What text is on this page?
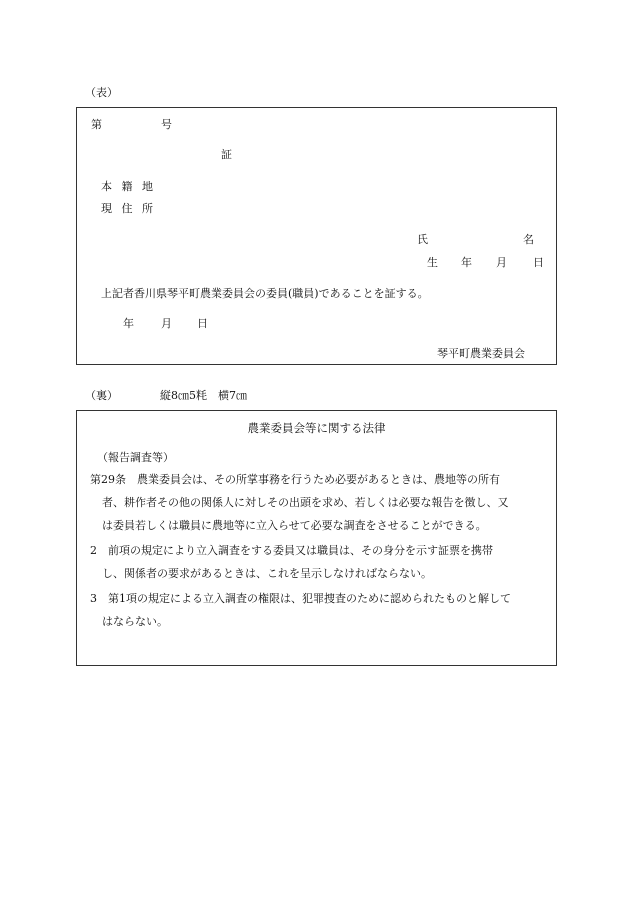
（表）
第	号
証
本 籍 地
現 住 所
氏	名
生 年 月 日
上記者香川県琴平町農業委員会の委員(職員)であることを証する。
年 月 日
琴平町農業委員会
（裏）	縦8㎝5粍　横7㎝
農業委員会等に関する法律
（報告調査等）
第29条　農業委員会は、その所掌事務を行うため必要があるときは、農地等の所有
者、耕作者その他の関係人に対しその出頭を求め、若しくは必要な報告を徴し、又
は委員若しくは職員に農地等に立入らせて必要な調査をさせることができる。
2　前項の規定により立入調査をする委員又は職員は、その身分を示す証票を携帯
し、関係者の要求があるときは、これを呈示しなければならない。
3　第1項の規定による立入調査の権限は、犯罪捜査のために認められたものと解して
はならない。
